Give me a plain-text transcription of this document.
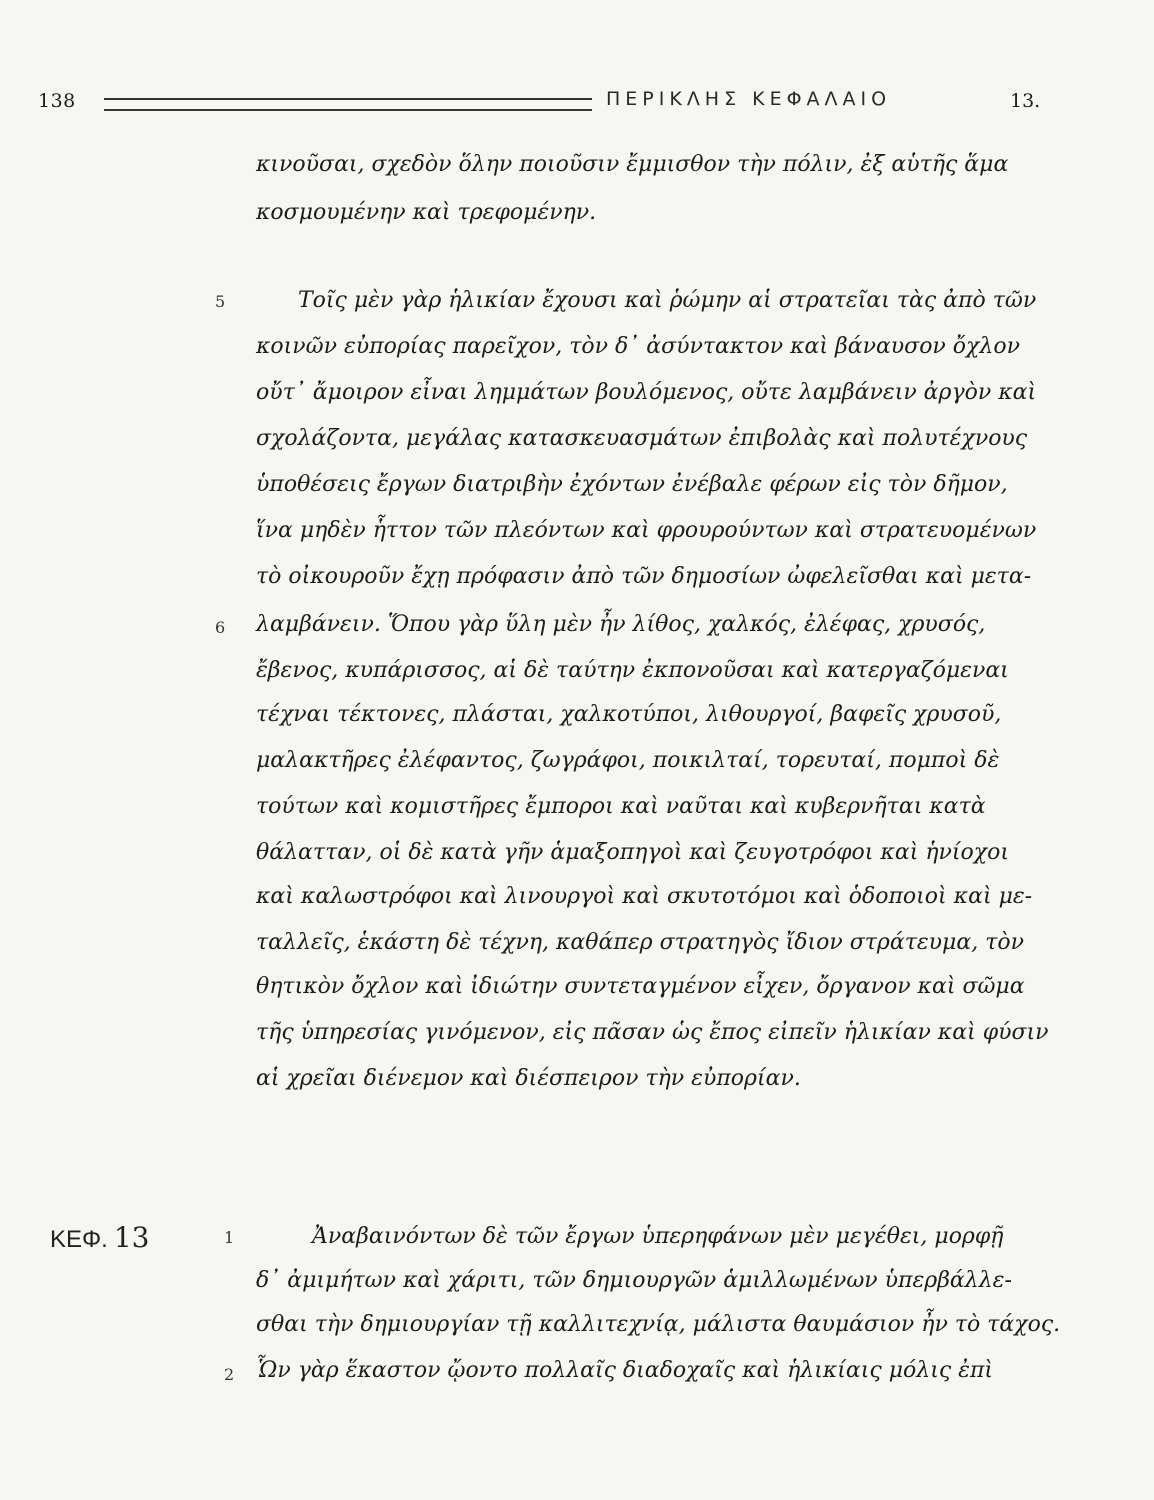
138	ΠΕΡΙΚΛΗΣ ΚΕΦΑΛΑΙΟ	13.
5
6
1
2
ΚΕΦ. 13
κινοῦσαι, σχεδὸν ὅλην ποιοῦσιν ἔμμισθον τὴν πόλιν, ἐξ αὑτῆς ἅμα
κοσμουμένην καὶ τρεφομένην.
Τοῖς μὲν γὰρ ἡλικίαν ἔχουσι καὶ ῥώμην αἱ στρατεῖαι τὰς ἀπὸ τῶν
κοινῶν εὐπορίας παρεῖχον, τὸν δ᾿ ἀσύντακτον καὶ βάναυσον ὄχλον
οὔτ᾿ ἄμοιρον εἶναι λημμάτων βουλόμενος, οὔτε λαμβάνειν ἀργὸν καὶ
σχολάζοντα, μεγάλας κατασκευασμάτων ἐπιβολὰς καὶ πολυτέχνους
ὑποθέσεις ἔργων διατριβὴν ἐχόντων ἐνέβαλε φέρων εἰς τὸν δῆμον,
ἵνα μηδὲν ἧττον τῶν πλεόντων καὶ φρουρούντων καὶ στρατευομένων
τὸ οἰκουροῦν ἔχῃ πρόφασιν ἀπὸ τῶν δημοσίων ὠφελεῖσθαι καὶ μετα-
λαμβάνειν. Ὅπου γὰρ ὕλη μὲν ἦν λίθος, χαλκός, ἐλέφας, χρυσός,
ἔβενος, κυπάρισσος, αἱ δὲ ταύτην ἐκπονοῦσαι καὶ κατεργαζόμεναι
τέχναι τέκτονες, πλάσται, χαλκοτύποι, λιθουργοί, βαφεῖς χρυσοῦ,
μαλακτῆρες ἐλέφαντος, ζωγράφοι, ποικιλταί, τορευταί, πομποὶ δὲ
τούτων καὶ κομιστῆρες ἔμποροι καὶ ναῦται καὶ κυβερνῆται κατὰ
θάλατταν, οἱ δὲ κατὰ γῆν ἁμαξοπηγοὶ καὶ ζευγοτρόφοι καὶ ἡνίοχοι
καὶ καλωστρόφοι καὶ λινουργοὶ καὶ σκυτοτόμοι καὶ ὁδοποιοὶ καὶ με-
ταλλεῖς, ἑκάστη δὲ τέχνη, καθάπερ στρατηγὸς ἴδιον στράτευμα, τὸν
θητικὸν ὄχλον καὶ ἰδιώτην συντεταγμένον εἶχεν, ὄργανον καὶ σῶμα
τῆς ὑπηρεσίας γινόμενον, εἰς πᾶσαν ὡς ἔπος εἰπεῖν ἡλικίαν καὶ φύσιν
αἱ χρεῖαι διένεμον καὶ διέσπειρον τὴν εὐπορίαν.
Ἀναβαινόντων δὲ τῶν ἔργων ὑπερηφάνων μὲν μεγέθει, μορφῇ
δ᾿ ἀμιμήτων καὶ χάριτι, τῶν δημιουργῶν ἁμιλλωμένων ὑπερβάλλε-
σθαι τὴν δημιουργίαν τῇ καλλιτεχνίᾳ, μάλιστα θαυμάσιον ἦν τὸ τάχος.
Ὧν γὰρ ἕκαστον ᾤοντο πολλαῖς διαδοχαῖς καὶ ἡλικίαις μόλις ἐπὶ
